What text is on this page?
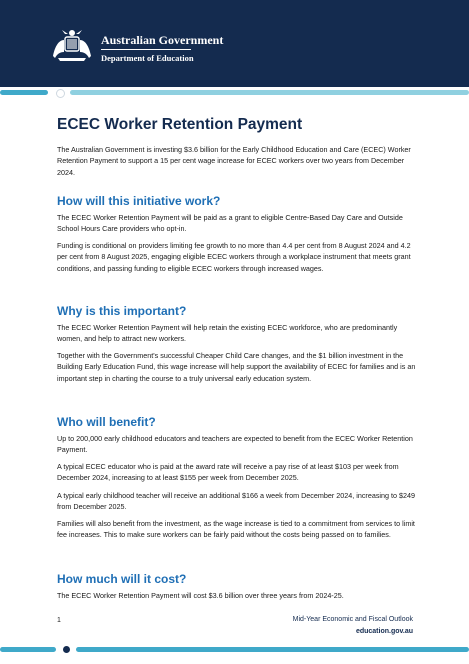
Australian Government
Department of Education
ECEC Worker Retention Payment
The Australian Government is investing $3.6 billion for the Early Childhood Education and Care (ECEC) Worker Retention Payment to support a 15 per cent wage increase for ECEC workers over two years from December 2024.
How will this initiative work?
The ECEC Worker Retention Payment will be paid as a grant to eligible Centre-Based Day Care and Outside School Hours Care providers who opt-in.
Funding is conditional on providers limiting fee growth to no more than 4.4 per cent from 8 August 2024 and 4.2 per cent from 8 August 2025, engaging eligible ECEC workers through a workplace instrument that meets grant conditions, and passing funding to eligible ECEC workers through increased wages.
Why is this important?
The ECEC Worker Retention Payment will help retain the existing ECEC workforce, who are predominantly women, and help to attract new workers.
Together with the Government's successful Cheaper Child Care changes, and the $1 billion investment in the Building Early Education Fund, this wage increase will help support the availability of ECEC for families and is an important step in charting the course to a truly universal early education system.
Who will benefit?
Up to 200,000 early childhood educators and teachers are expected to benefit from the ECEC Worker Retention Payment.
A typical ECEC educator who is paid at the award rate will receive a pay rise of at least $103 per week from December 2024, increasing to at least $155 per week from December 2025.
A typical early childhood teacher will receive an additional $166 a week from December 2024, increasing to $249 from December 2025.
Families will also benefit from the investment, as the wage increase is tied to a commitment from services to limit fee increases. This to make sure workers can be fairly paid without the costs being passed on to families.
How much will it cost?
The ECEC Worker Retention Payment will cost $3.6 billion over three years from 2024-25.
1	Mid-Year Economic and Fiscal Outlook
education.gov.au
